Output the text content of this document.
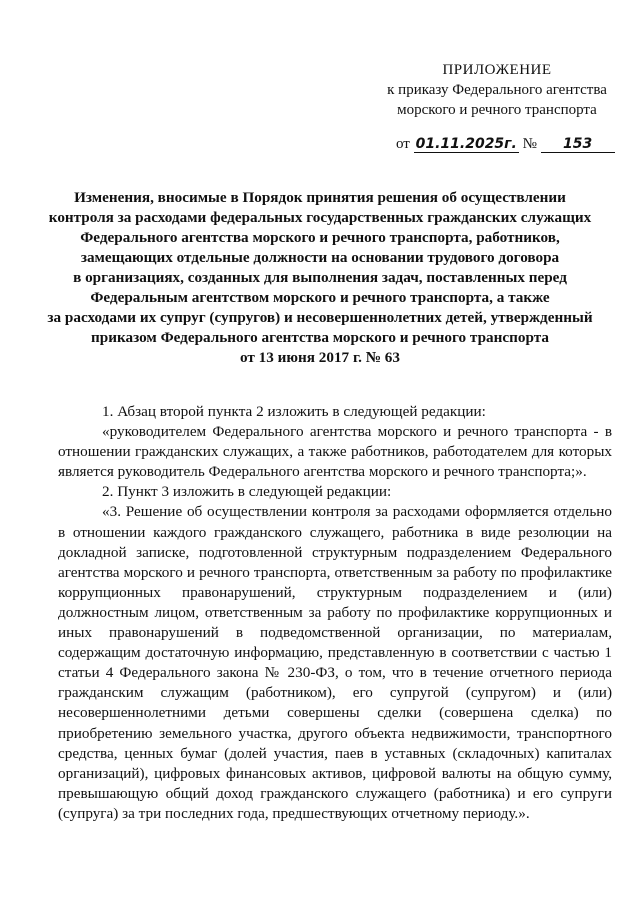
ПРИЛОЖЕНИЕ
к приказу Федерального агентства
морского и речного транспорта
от 01.11.2025г. № 153
Изменения, вносимые в Порядок принятия решения об осуществлении
контроля за расходами федеральных государственных гражданских служащих
Федерального агентства морского и речного транспорта, работников,
замещающих отдельные должности на основании трудового договора
в организациях, созданных для выполнения задач, поставленных перед
Федеральным агентством морского и речного транспорта, а также
за расходами их супруг (супругов) и несовершеннолетних детей, утвержденный
приказом Федерального агентства морского и речного транспорта
от 13 июня 2017 г. № 63

1. Абзац второй пункта 2 изложить в следующей редакции:

«руководителем Федерального агентства морского и речного транспорта - в отношении гражданских служащих, а также работников, работодателем для которых является руководитель Федерального агентства морского и речного транспорта;».

2. Пункт 3 изложить в следующей редакции:

«3. Решение об осуществлении контроля за расходами оформляется отдельно в отношении каждого гражданского служащего, работника в виде резолюции на докладной записке, подготовленной структурным подразделением Федерального агентства морского и речного транспорта, ответственным за работу по профилактике коррупционных правонарушений, структурным подразделением и (или) должностным лицом, ответственным за работу по профилактике коррупционных и иных правонарушений в подведомственной организации, по материалам, содержащим достаточную информацию, представленную в соответствии с частью 1 статьи 4 Федерального закона № 230-ФЗ, о том, что в течение отчетного периода гражданским служащим (работником), его супругой (супругом) и (или) несовершеннолетними детьми совершены сделки (совершена сделка) по приобретению земельного участка, другого объекта недвижимости, транспортного средства, ценных бумаг (долей участия, паев в уставных (складочных) капиталах организаций), цифровых финансовых активов, цифровой валюты на общую сумму, превышающую общий доход гражданского служащего (работника) и его супруги (супруга) за три последних года, предшествующих отчетному периоду.».
